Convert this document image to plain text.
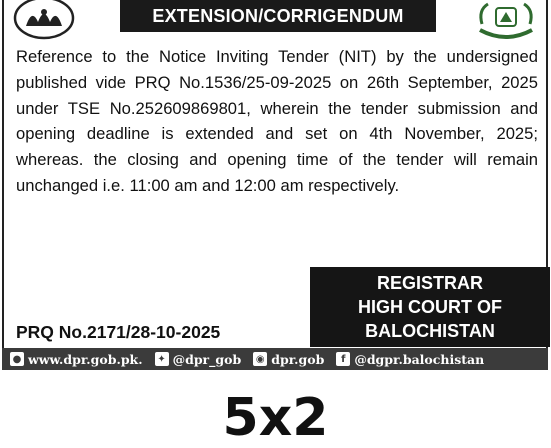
EXTENSION/CORRIGENDUM
Reference to the Notice Inviting Tender (NIT) by the undersigned
published vide PRQ No.1536/25-09-2025 on 26th September, 2025
under TSE No.252609869801, wherein the tender submission and
opening deadline is extended and set on 4th November, 2025;
whereas. the closing and opening time of the tender will remain
unchanged i.e. 11:00 am and 12:00 am respectively.
REGISTRAR
HIGH COURT OF
BALOCHISTAN
PRQ No.2171/28-10-2025
● www.dpr.gob.pk. ✦ @dpr_gob ◉ dpr.gob	f @dgpr.balochistan
5x2
